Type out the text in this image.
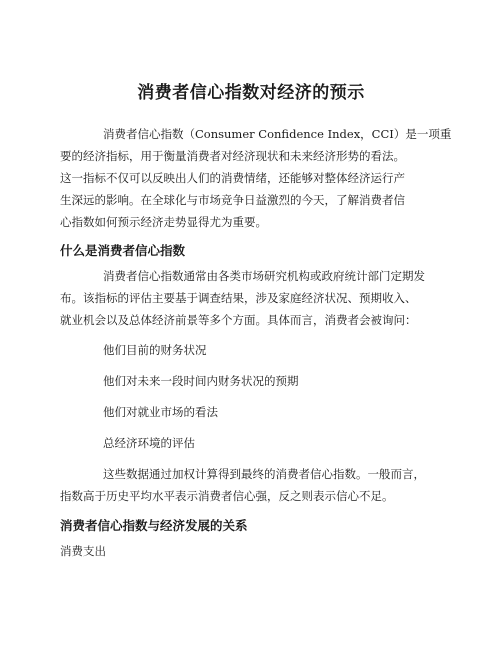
消费者信心指数对经济的预示

消费者信心指数（Consumer Confidence Index，CCI）是一项重

要的经济指标，用于衡量消费者对经济现状和未来经济形势的看法。

这一指标不仅可以反映出人们的消费情绪，还能够对整体经济运行产

生深远的影响。在全球化与市场竞争日益激烈的今天，了解消费者信

心指数如何预示经济走势显得尤为重要。

什么是消费者信心指数

消费者信心指数通常由各类市场研究机构或政府统计部门定期发

布。该指标的评估主要基于调查结果，涉及家庭经济状况、预期收入、

就业机会以及总体经济前景等多个方面。具体而言，消费者会被询问：

他们目前的财务状况

他们对未来一段时间内财务状况的预期

他们对就业市场的看法

总经济环境的评估

这些数据通过加权计算得到最终的消费者信心指数。一般而言，

指数高于历史平均水平表示消费者信心强，反之则表示信心不足。

消费者信心指数与经济发展的关系

消费支出
